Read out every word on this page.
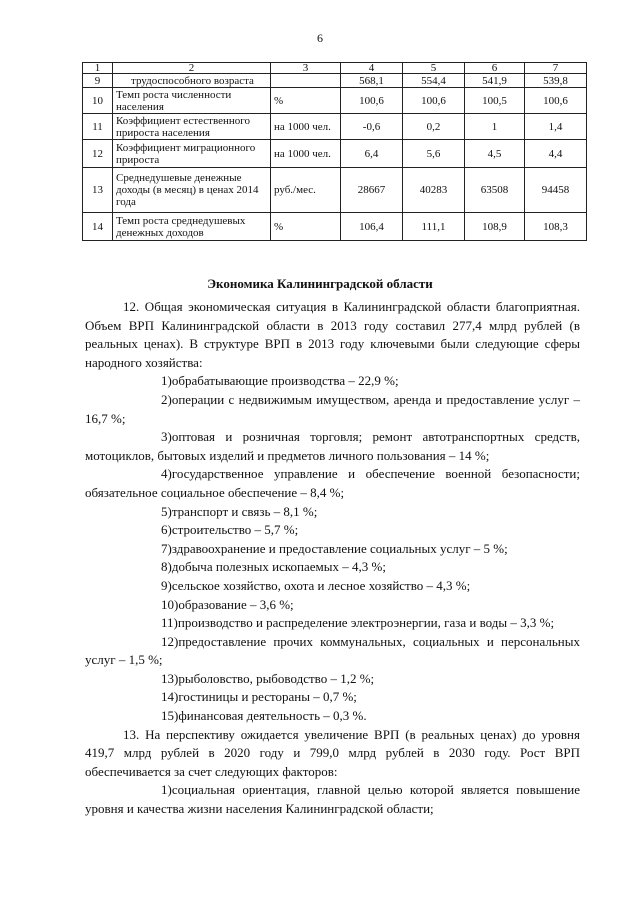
6
1	2	3	4	5	6	7
9	трудоспособного возраста		568,1	554,4	541,9	539,8
10	Темп роста численности населения	%	100,6	100,6	100,5	100,6
11	Коэффициент естественного прироста населения	на 1000 чел.	-0,6	0,2	1	1,4
12	Коэффициент миграционного прироста	на 1000 чел.	6,4	5,6	4,5	4,4
13	Среднедушевые денежные доходы (в месяц) в ценах 2014 года	руб./мес.	28667	40283	63508	94458
14	Темп роста среднедушевых денежных доходов	%	106,4	111,1	108,9	108,3
Экономика Калининградской области

12. Общая экономическая ситуация в Калининградской области благоприятная. Объем ВРП Калининградской области в 2013 году составил 277,4 млрд рублей (в реальных ценах). В структуре ВРП в 2013 году ключевыми были следующие сферы народного хозяйства:

1)обрабатывающие производства – 22,9 %;

2)операции с недвижимым имуществом, аренда и предоставление услуг – 16,7 %;

3)оптовая и розничная торговля; ремонт автотранспортных средств, мотоциклов, бытовых изделий и предметов личного пользования – 14 %;

4)государственное управление и обеспечение военной безопасности; обязательное социальное обеспечение – 8,4 %;

5)транспорт и связь – 8,1 %;

6)строительство – 5,7 %;

7)здравоохранение и предоставление социальных услуг – 5 %;

8)добыча полезных ископаемых – 4,3 %;

9)сельское хозяйство, охота и лесное хозяйство – 4,3 %;

10)образование – 3,6 %;

11)производство и распределение электроэнергии, газа и воды – 3,3 %;

12)предоставление прочих коммунальных, социальных и персональных услуг – 1,5 %;

13)рыболовство, рыбоводство – 1,2 %;

14)гостиницы и рестораны – 0,7 %;

15)финансовая деятельность – 0,3 %.

13. На перспективу ожидается увеличение ВРП (в реальных ценах) до уровня 419,7 млрд рублей в 2020 году и 799,0 млрд рублей в 2030 году. Рост ВРП обеспечивается за счет следующих факторов:

1)социальная ориентация, главной целью которой является повышение уровня и качества жизни населения Калининградской области;
